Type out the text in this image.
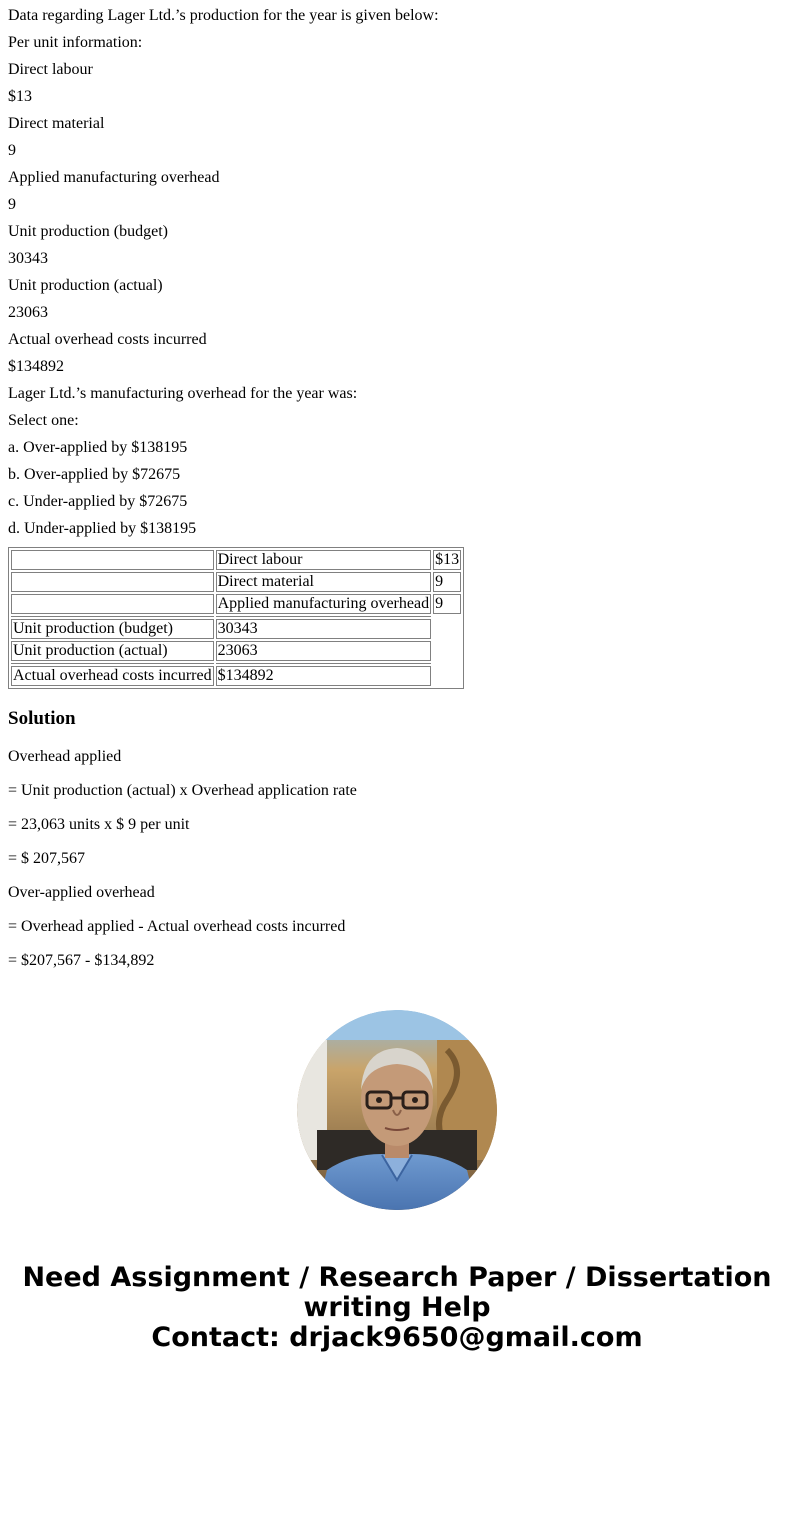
Data regarding Lager Ltd.’s production for the year is given below:

Per unit information:

Direct labour

$13

Direct material

9

Applied manufacturing overhead

9

Unit production (budget)

30343

Unit production (actual)

23063

Actual overhead costs incurred

$134892

Lager Ltd.’s manufacturing overhead for the year was:

Select one:

a. Over-applied by $138195

b. Over-applied by $72675

c. Under-applied by $72675

d. Under-applied by $138195

	Direct labour	$13
	Direct material	9
	Applied manufacturing overhead	9

Unit production (budget)	30343	
Unit production (actual)	23063	

Actual overhead costs incurred	$134892	
Solution

Overhead applied

= Unit production (actual) x Overhead application rate

= 23,063 units x $ 9 per unit

= $ 207,567

Over-applied overhead

= Overhead applied - Actual overhead costs incurred

= $207,567 - $134,892

Need Assignment / Research Paper / Dissertation
writing Help
Contact: drjack9650@gmail.com
